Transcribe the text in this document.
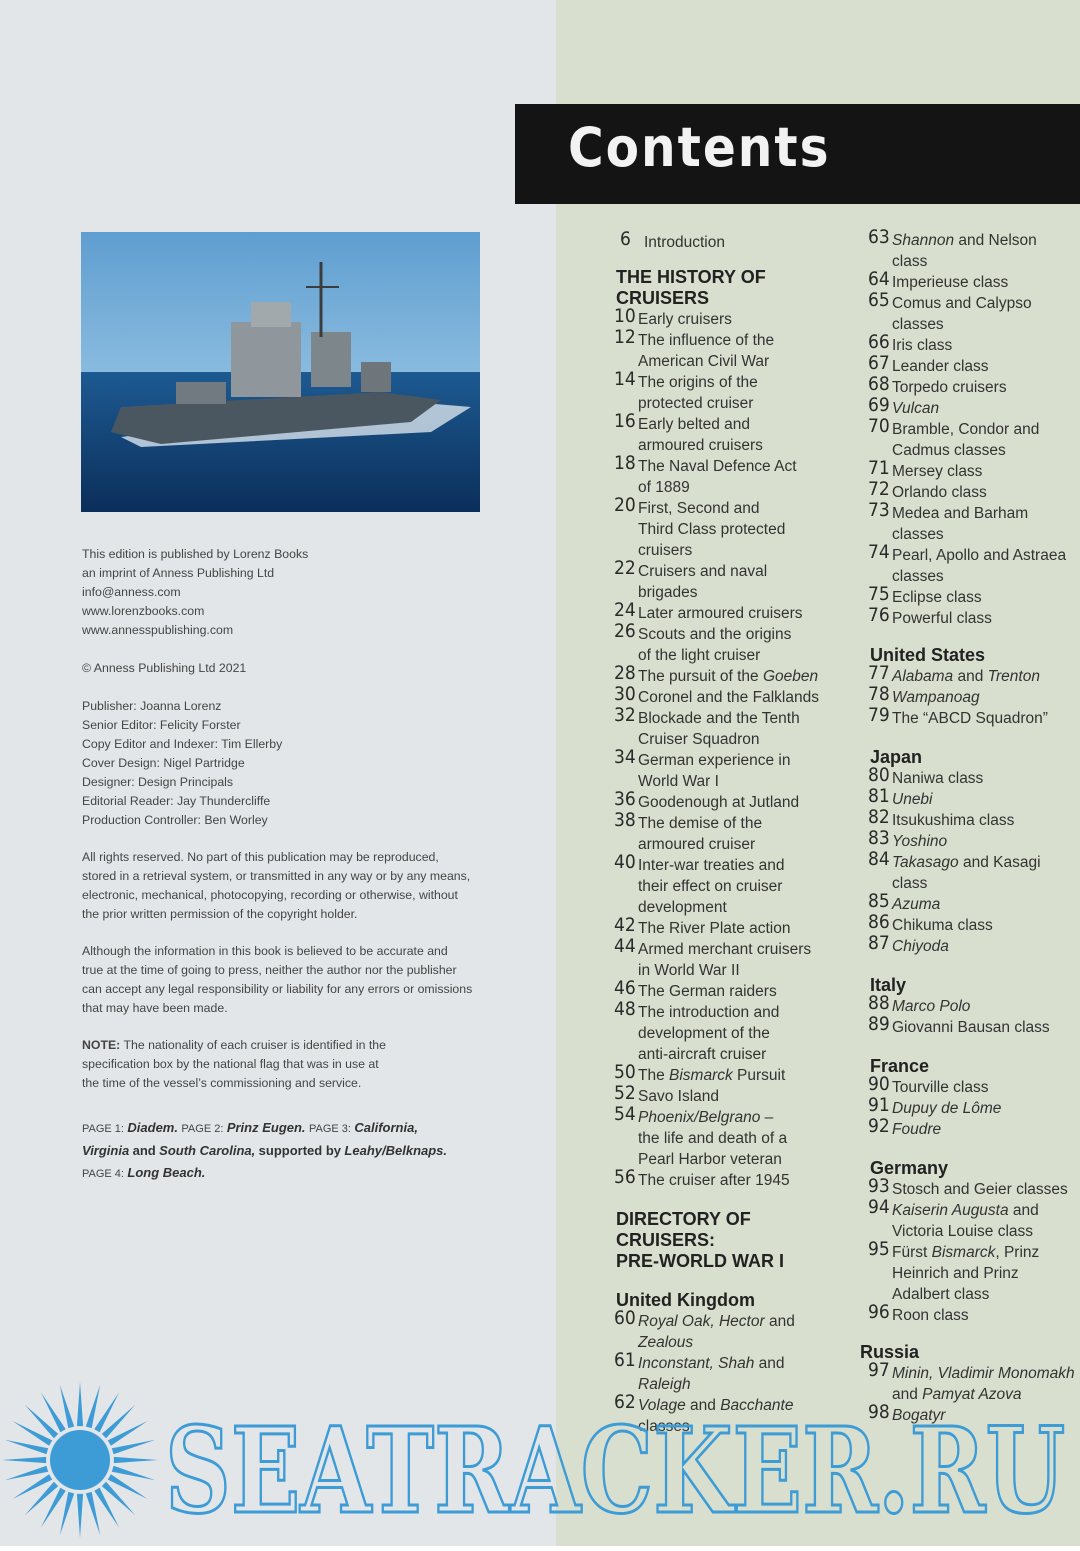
Contents
This edition is published by Lorenz Books
an imprint of Anness Publishing Ltd
info@anness.com
www.lorenzbooks.com
www.annesspublishing.com
© Anness Publishing Ltd 2021
Publisher: Joanna Lorenz
Senior Editor: Felicity Forster
Copy Editor and Indexer: Tim Ellerby
Cover Design: Nigel Partridge
Designer: Design Principals
Editorial Reader: Jay Thundercliffe
Production Controller: Ben Worley
All rights reserved. No part of this publication may be reproduced,
stored in a retrieval system, or transmitted in any way or by any means,
electronic, mechanical, photocopying, recording or otherwise, without
the prior written permission of the copyright holder.
Although the information in this book is believed to be accurate and
true at the time of going to press, neither the author nor the publisher
can accept any legal responsibility or liability for any errors or omissions
that may have been made.
NOTE: The nationality of each cruiser is identified in the
specification box by the national flag that was in use at
the time of the vessel’s commissioning and service.
PAGE 1: Diadem. PAGE 2: Prinz Eugen. PAGE 3: California,
Virginia and South Carolina, supported by Leahy/Belknaps.
PAGE 4: Long Beach.
6 Introduction
THE HISTORY OF
CRUISERS
10 Early cruisers
12 The influence of the
American Civil War
14 The origins of the
protected cruiser
16 Early belted and
armoured cruisers
18 The Naval Defence Act
of 1889
20 First, Second and
Third Class protected
cruisers
22 Cruisers and naval
brigades
24 Later armoured cruisers
26 Scouts and the origins
of the light cruiser
28 The pursuit of the Goeben
30 Coronel and the Falklands
32 Blockade and the Tenth
Cruiser Squadron
34 German experience in
World War I
36 Goodenough at Jutland
38 The demise of the
armoured cruiser
40 Inter-war treaties and
their effect on cruiser
development
42 The River Plate action
44 Armed merchant cruisers
in World War II
46 The German raiders
48 The introduction and
development of the
anti-aircraft cruiser
50 The Bismarck Pursuit
52 Savo Island
54 Phoenix/Belgrano –
the life and death of a
Pearl Harbor veteran
56 The cruiser after 1945
DIRECTORY OF
CRUISERS:
PRE-WORLD WAR I
United Kingdom
60 Royal Oak, Hector and
Zealous
61 Inconstant, Shah and
Raleigh
62 Volage and Bacchante
classes
63 Shannon and Nelson
class
64 Imperieuse class
65 Comus and Calypso
classes
66 Iris class
67 Leander class
68 Torpedo cruisers
69 Vulcan
70 Bramble, Condor and
Cadmus classes
71 Mersey class
72 Orlando class
73 Medea and Barham
classes
74 Pearl, Apollo and Astraea
classes
75 Eclipse class
76 Powerful class
United States
77 Alabama and Trenton
78 Wampanoag
79 The “ABCD Squadron”
Japan
80 Naniwa class
81 Unebi
82 Itsukushima class
83 Yoshino
84 Takasago and Kasagi
class
85 Azuma
86 Chikuma class
87 Chiyoda
Italy
88 Marco Polo
89 Giovanni Bausan class
France
90 Tourville class
91 Dupuy de Lôme
92 Foudre
Germany
93 Stosch and Geier classes
94 Kaiserin Augusta and
Victoria Louise class
95 Fürst Bismarck, Prinz
Heinrich and Prinz
Adalbert class
96 Roon class
Russia
97 Minin, Vladimir Monomakh
and Pamyat Azova
98 Bogatyr
SEATRACKER.RU
